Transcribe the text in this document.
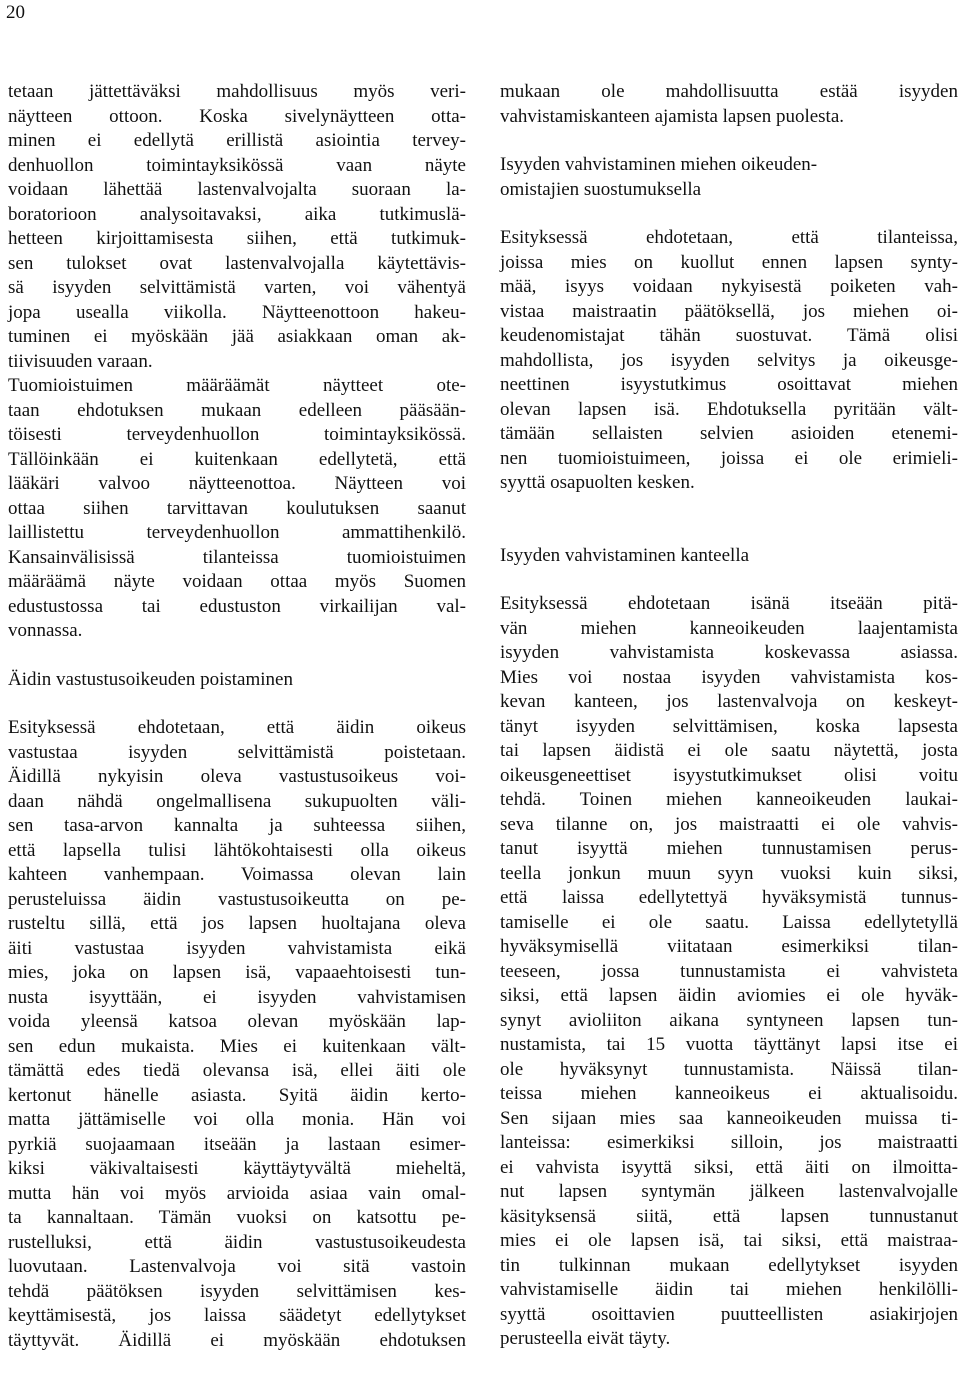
20

tetaan jättettäväksi mahdollisuus myös veri-
näytteen ottoon. Koska sivelynäytteen otta-
minen ei edellytä erillistä asiointia tervey-
denhuollon toimintayksikössä vaan näyte
voidaan lähettää lastenvalvojalta suoraan la-
boratorioon analysoitavaksi, aika tutkimuslä-
hetteen kirjoittamisesta siihen, että tutkimuk-
sen tulokset ovat lastenvalvojalla käytettävis-
sä isyyden selvittämistä varten, voi vähentyä
jopa usealla viikolla. Näytteenottoon hakeu-
tuminen ei myöskään jää asiakkaan oman ak-
tiivisuuden varaan.
Tuomioistuimen määräämät näytteet ote-
taan ehdotuksen mukaan edelleen pääsään-
töisesti terveydenhuollon toimintayksikössä.
Tällöinkään ei kuitenkaan edellytetä, että
lääkäri valvoo näytteenottoa. Näytteen voi
ottaa siihen tarvittavan koulutuksen saanut
laillistettu terveydenhuollon ammattihenkilö.
Kansainvälisissä tilanteissa tuomioistuimen
määräämä näyte voidaan ottaa myös Suomen
edustustossa tai edustuston virkailijan val-
vonnassa.

Äidin vastustusoikeuden poistaminen

Esityksessä ehdotetaan, että äidin oikeus
vastustaa isyyden selvittämistä poistetaan.
Äidillä nykyisin oleva vastustusoikeus voi-
daan nähdä ongelmallisena sukupuolten väli-
sen tasa-arvon kannalta ja suhteessa siihen,
että lapsella tulisi lähtökohtaisesti olla oikeus
kahteen vanhempaan. Voimassa olevan lain
perusteluissa äidin vastustusoikeutta on pe-
rusteltu sillä, että jos lapsen huoltajana oleva
äiti vastustaa isyyden vahvistamista eikä
mies, joka on lapsen isä, vapaaehtoisesti tun-
nusta isyyttään, ei isyyden vahvistamisen
voida yleensä katsoa olevan myöskään lap-
sen edun mukaista. Mies ei kuitenkaan vält-
tämättä edes tiedä olevansa isä, ellei äiti ole
kertonut hänelle asiasta. Syitä äidin kerto-
matta jättämiselle voi olla monia. Hän voi
pyrkiä suojaamaan itseään ja lastaan esimer-
kiksi väkivaltaisesti käyttäytyvältä mieheltä,
mutta hän voi myös arvioida asiaa vain omal-
ta kannaltaan. Tämän vuoksi on katsottu pe-
rustelluksi, että äidin vastustusoikeudesta
luovutaan. Lastenvalvoja voi sitä vastoin
tehdä päätöksen isyyden selvittämisen kes-
keyttämisestä, jos laissa säädetyt edellytykset
täyttyvät. Äidillä ei myöskään ehdotuksen

mukaan ole mahdollisuutta estää isyyden
vahvistamiskanteen ajamista lapsen puolesta.

Isyyden vahvistaminen miehen oikeuden-
omistajien suostumuksella

Esityksessä ehdotetaan, että tilanteissa,
joissa mies on kuollut ennen lapsen synty-
mää, isyys voidaan nykyisestä poiketen vah-
vistaa maistraatin päätöksellä, jos miehen oi-
keudenomistajat tähän suostuvat. Tämä olisi
mahdollista, jos isyyden selvitys ja oikeusge-
neettinen isyystutkimus osoittavat miehen
olevan lapsen isä. Ehdotuksella pyritään vält-
tämään sellaisten selvien asioiden etenemi-
nen tuomioistuimeen, joissa ei ole erimieli-
syyttä osapuolten kesken.

Isyyden vahvistaminen kanteella

Esityksessä ehdotetaan isänä itseään pitä-
vän miehen kanneoikeuden laajentamista
isyyden vahvistamista koskevassa asiassa.
Mies voi nostaa isyyden vahvistamista kos-
kevan kanteen, jos lastenvalvoja on keskeyt-
tänyt isyyden selvittämisen, koska lapsesta
tai lapsen äidistä ei ole saatu näytettä, josta
oikeusgeneettiset isyystutkimukset olisi voitu
tehdä. Toinen miehen kanneoikeuden laukai-
seva tilanne on, jos maistraatti ei ole vahvis-
tanut isyyttä miehen tunnustamisen perus-
teella jonkun muun syyn vuoksi kuin siksi,
että laissa edellytettyä hyväksymistä tunnus-
tamiselle ei ole saatu. Laissa edellytetyllä
hyväksymisellä viitataan esimerkiksi tilan-
teeseen, jossa tunnustamista ei vahvisteta
siksi, että lapsen äidin aviomies ei ole hyväk-
synyt avioliiton aikana syntyneen lapsen tun-
nustamista, tai 15 vuotta täyttänyt lapsi itse ei
ole hyväksynyt tunnustamista. Näissä tilan-
teissa miehen kanneoikeus ei aktualisoidu.
Sen sijaan mies saa kanneoikeuden muissa ti-
lanteissa: esimerkiksi silloin, jos maistraatti
ei vahvista isyyttä siksi, että äiti on ilmoitta-
nut lapsen syntymän jälkeen lastenvalvojalle
käsityksensä siitä, että lapsen tunnustanut
mies ei ole lapsen isä, tai siksi, että maistraa-
tin tulkinnan mukaan edellytykset isyyden
vahvistamiselle äidin tai miehen henkilölli-
syyttä osoittavien puutteellisten asiakirjojen
perusteella eivät täyty.
